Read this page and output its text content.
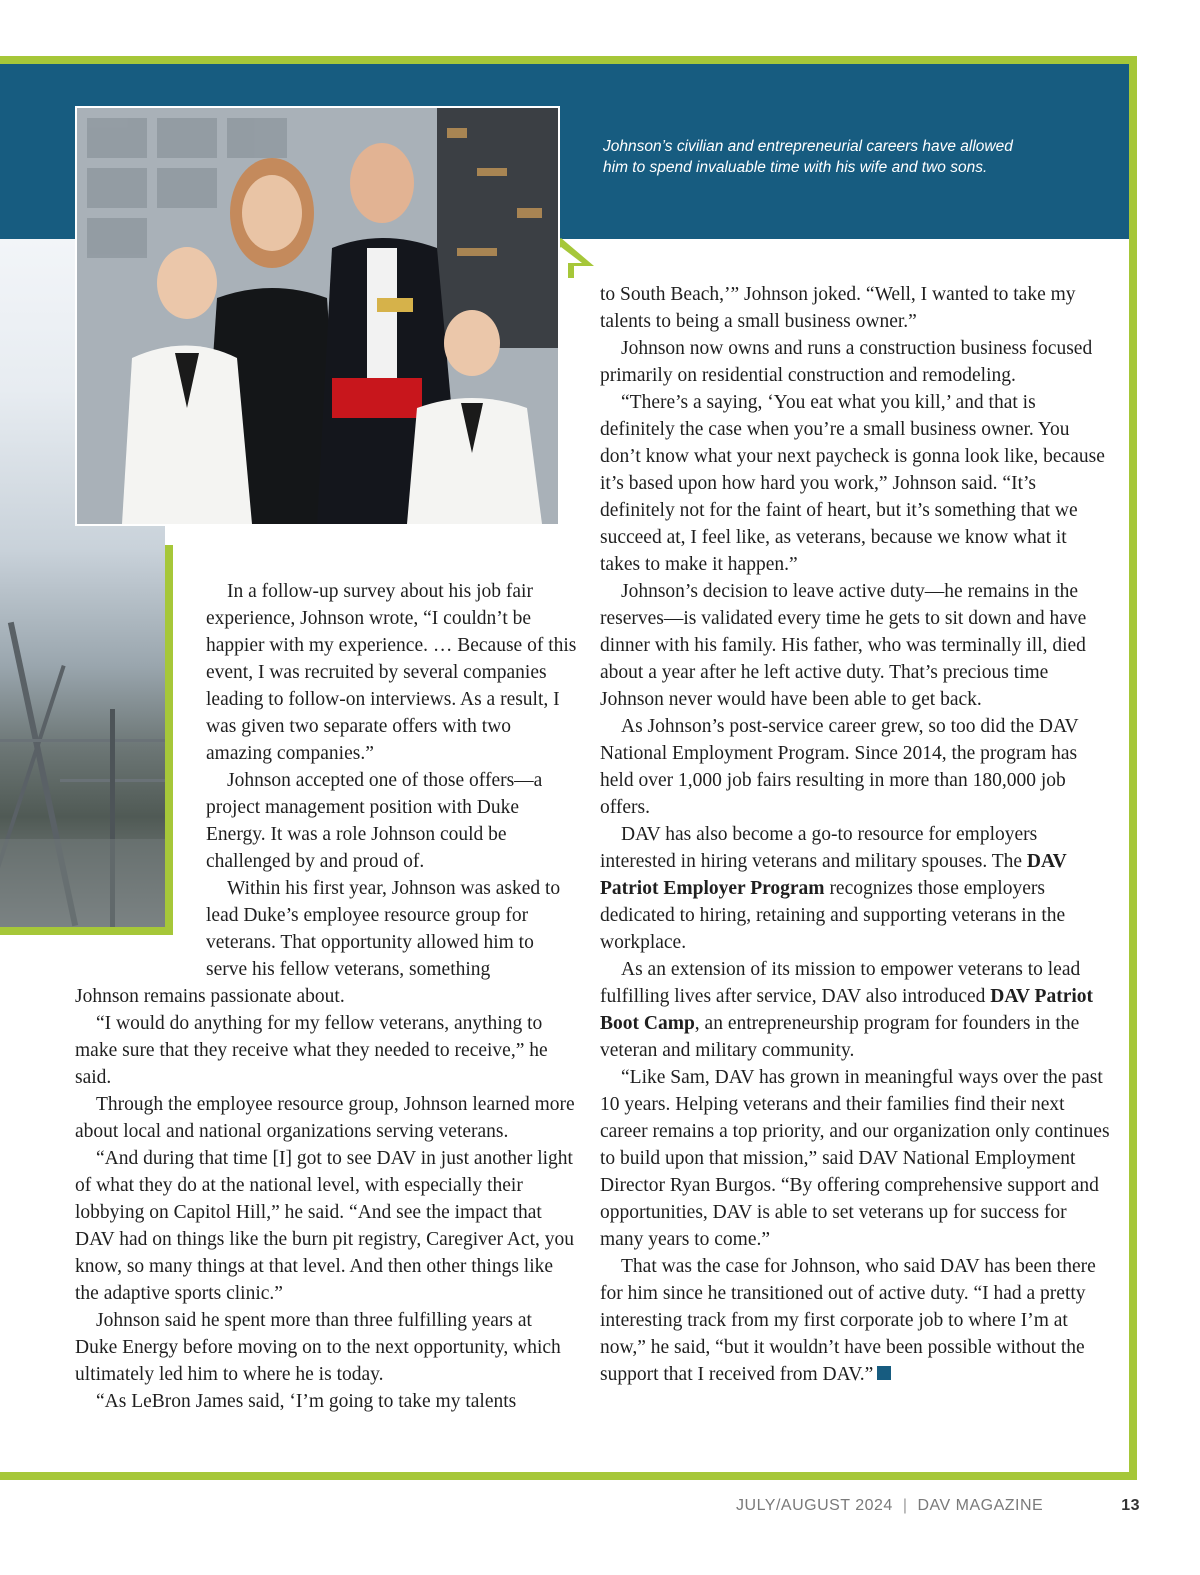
Johnson’s civilian and entrepreneurial careers have allowed him to spend invaluable time with his wife and two sons.

In a follow-up survey about his job fair experience, Johnson wrote, “I couldn’t be happier with my experience. … Because of this event, I was recruited by several companies leading to follow-on interviews. As a result, I was given two separate offers with two amazing companies.”

Johnson accepted one of those offers—a project management position with Duke Energy. It was a role Johnson could be challenged by and proud of.

Within his first year, Johnson was asked to lead Duke’s employee resource group for veterans. That opportunity allowed him to serve his fellow veterans, something

Johnson remains passionate about.

“I would do anything for my fellow veterans, anything to make sure that they receive what they needed to receive,” he said.

Through the employee resource group, Johnson learned more about local and national organizations serving veterans.

“And during that time [I] got to see DAV in just another light of what they do at the national level, with especially their lobbying on Capitol Hill,” he said. “And see the impact that DAV had on things like the burn pit registry, Caregiver Act, you know, so many things at that level. And then other things like the adaptive sports clinic.”

Johnson said he spent more than three fulfilling years at Duke Energy before moving on to the next opportunity, which ultimately led him to where he is today.

“As LeBron James said, ‘I’m going to take my talents

to South Beach,’” Johnson joked. “Well, I wanted to take my talents to being a small business owner.”

Johnson now owns and runs a construction business focused primarily on residential construction and remodeling.

“There’s a saying, ‘You eat what you kill,’ and that is definitely the case when you’re a small business owner. You don’t know what your next paycheck is gonna look like, because it’s based upon how hard you work,” Johnson said. “It’s definitely not for the faint of heart, but it’s something that we succeed at, I feel like, as veterans, because we know what it takes to make it happen.”

Johnson’s decision to leave active duty—he remains in the reserves—is validated every time he gets to sit down and have dinner with his family. His father, who was terminally ill, died about a year after he left active duty. That’s precious time Johnson never would have been able to get back.

As Johnson’s post-service career grew, so too did the DAV National Employment Program. Since 2014, the program has held over 1,000 job fairs resulting in more than 180,000 job offers.

DAV has also become a go-to resource for employers interested in hiring veterans and military spouses. The DAV Patriot Employer Program recognizes those employers dedicated to hiring, retaining and supporting veterans in the workplace.

As an extension of its mission to empower veterans to lead fulfilling lives after service, DAV also introduced DAV Patriot Boot Camp, an entrepreneurship program for founders in the veteran and military community.

“Like Sam, DAV has grown in meaningful ways over the past 10 years. Helping veterans and their families find their next career remains a top priority, and our organization only continues to build upon that mission,” said DAV National Employment Director Ryan Burgos. “By offering comprehensive support and opportunities, DAV is able to set veterans up for success for many years to come.”

That was the case for Johnson, who said DAV has been there for him since he transitioned out of active duty. “I had a pretty interesting track from my first corporate job to where I’m at now,” he said, “but it wouldn’t have been possible without the support that I received from DAV.”

JULY/AUGUST 2024 | DAV MAGAZINE	13
